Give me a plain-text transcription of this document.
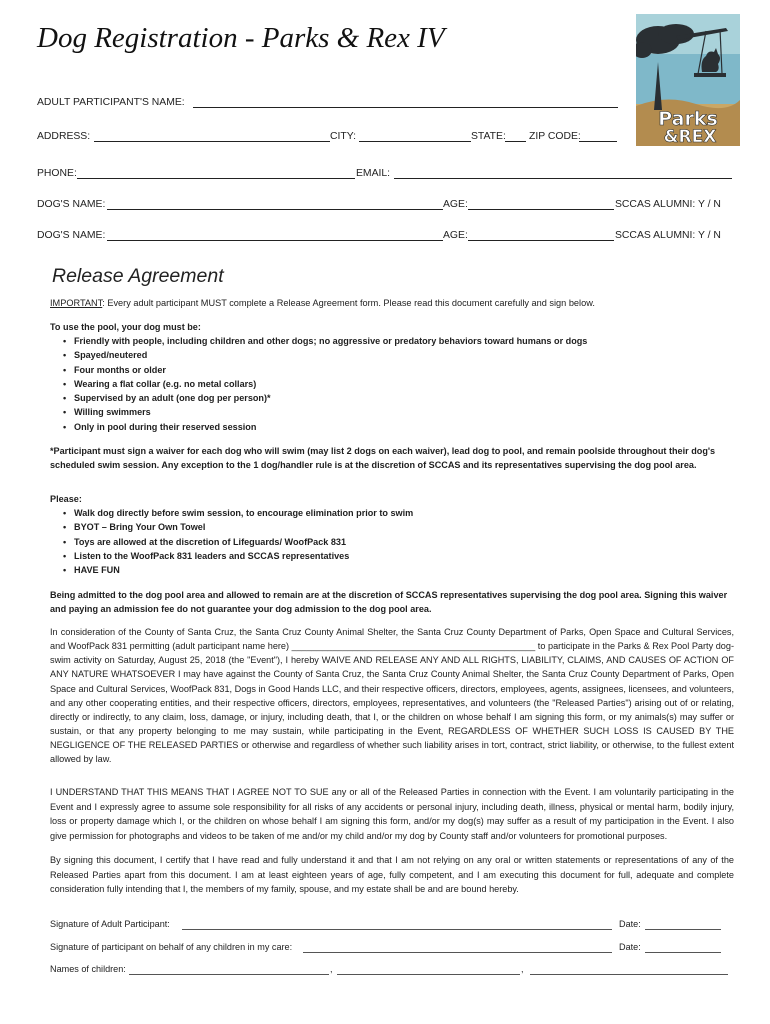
Dog Registration - Parks & Rex IV
Parks
&REX
ADULT PARTICIPANT'S NAME:
ADDRESS:	CITY:	STATE: ZIP CODE:
PHONE:	EMAIL:
DOG'S NAME:	AGE:	SCCAS ALUMNI: Y / N
DOG'S NAME:	AGE:	SCCAS ALUMNI: Y / N
Release Agreement
IMPORTANT: Every adult participant MUST complete a Release Agreement form. Please read this document carefully and sign below.
To use the pool, your dog must be:
• Friendly with people, including children and other dogs; no aggressive or predatory behaviors toward humans or dogs
• Spayed/neutered
• Four months or older
• Wearing a flat collar (e.g. no metal collars)
• Supervised by an adult (one dog per person)*
• Willing swimmers
• Only in pool during their reserved session
*Participant must sign a waiver for each dog who will swim (may list 2 dogs on each waiver), lead dog to pool, and remain poolside throughout their dog's scheduled swim session. Any exception to the 1 dog/handler rule is at the discretion of SCCAS and its representatives supervising the dog pool area.
Please:
• Walk dog directly before swim session, to encourage elimination prior to swim
• BYOT – Bring Your Own Towel
• Toys are allowed at the discretion of Lifeguards/ WoofPack 831
• Listen to the WoofPack 831 leaders and SCCAS representatives
• HAVE FUN
Being admitted to the dog pool area and allowed to remain are at the discretion of SCCAS representatives supervising the dog pool area. Signing this waiver and paying an admission fee do not guarantee your dog admission to the dog pool area.
In consideration of the County of Santa Cruz, the Santa Cruz County Animal Shelter, the Santa Cruz County Department of Parks, Open Space and Cultural Services, and WoofPack 831 permitting (adult participant name here) ________________________________________________ to participate in the Parks & Rex Pool Party dog-swim activity on Saturday, August 25, 2018 (the "Event"), I hereby WAIVE AND RELEASE ANY AND ALL RIGHTS, LIABILITY, CLAIMS, AND CAUSES OF ACTION OF ANY NATURE WHATSOEVER I may have against the County of Santa Cruz, the Santa Cruz County Animal Shelter, the Santa Cruz County Department of Parks, Open Space and Cultural Services, WoofPack 831, Dogs in Good Hands LLC, and their respective officers, directors, employees, agents, assignees, licensees, and volunteers, and any other cooperating entities, and their respective officers, directors, employees, representatives, and volunteers (the "Released Parties") arising out of or relating, directly or indirectly, to any claim, loss, damage, or injury, including death, that I, or the children on whose behalf I am signing this form, or my animals(s) may suffer or sustain, or that any property belonging to me may sustain, while participating in the Event, REGARDLESS OF WHETHER SUCH LOSS IS CAUSED BY THE NEGLIGENCE OF THE RELEASED PARTIES or otherwise and regardless of whether such liability arises in tort, contract, strict liability, or otherwise, to the fullest extent allowed by law.
I UNDERSTAND THAT THIS MEANS THAT I AGREE NOT TO SUE any or all of the Released Parties in connection with the Event. I am voluntarily participating in the Event and I expressly agree to assume sole responsibility for all risks of any accidents or personal injury, including death, illness, physical or mental harm, bodily injury, loss or property damage which I, or the children on whose behalf I am signing this form, and/or my dog(s) may suffer as a result of my participation in the Event. I also give permission for photographs and videos to be taken of me and/or my child and/or my dog by County staff and/or volunteers for promotional purposes.
By signing this document, I certify that I have read and fully understand it and that I am not relying on any oral or written statements or representations of any of the Released Parties apart from this document. I am at least eighteen years of age, fully competent, and I am executing this document for full, adequate and complete consideration fully intending that I, the members of my family, spouse, and my estate shall be and are bound hereby.
Signature of Adult Participant:	Date:
Signature of participant on behalf of any children in my care:	Date:
Names of children:	,	,
